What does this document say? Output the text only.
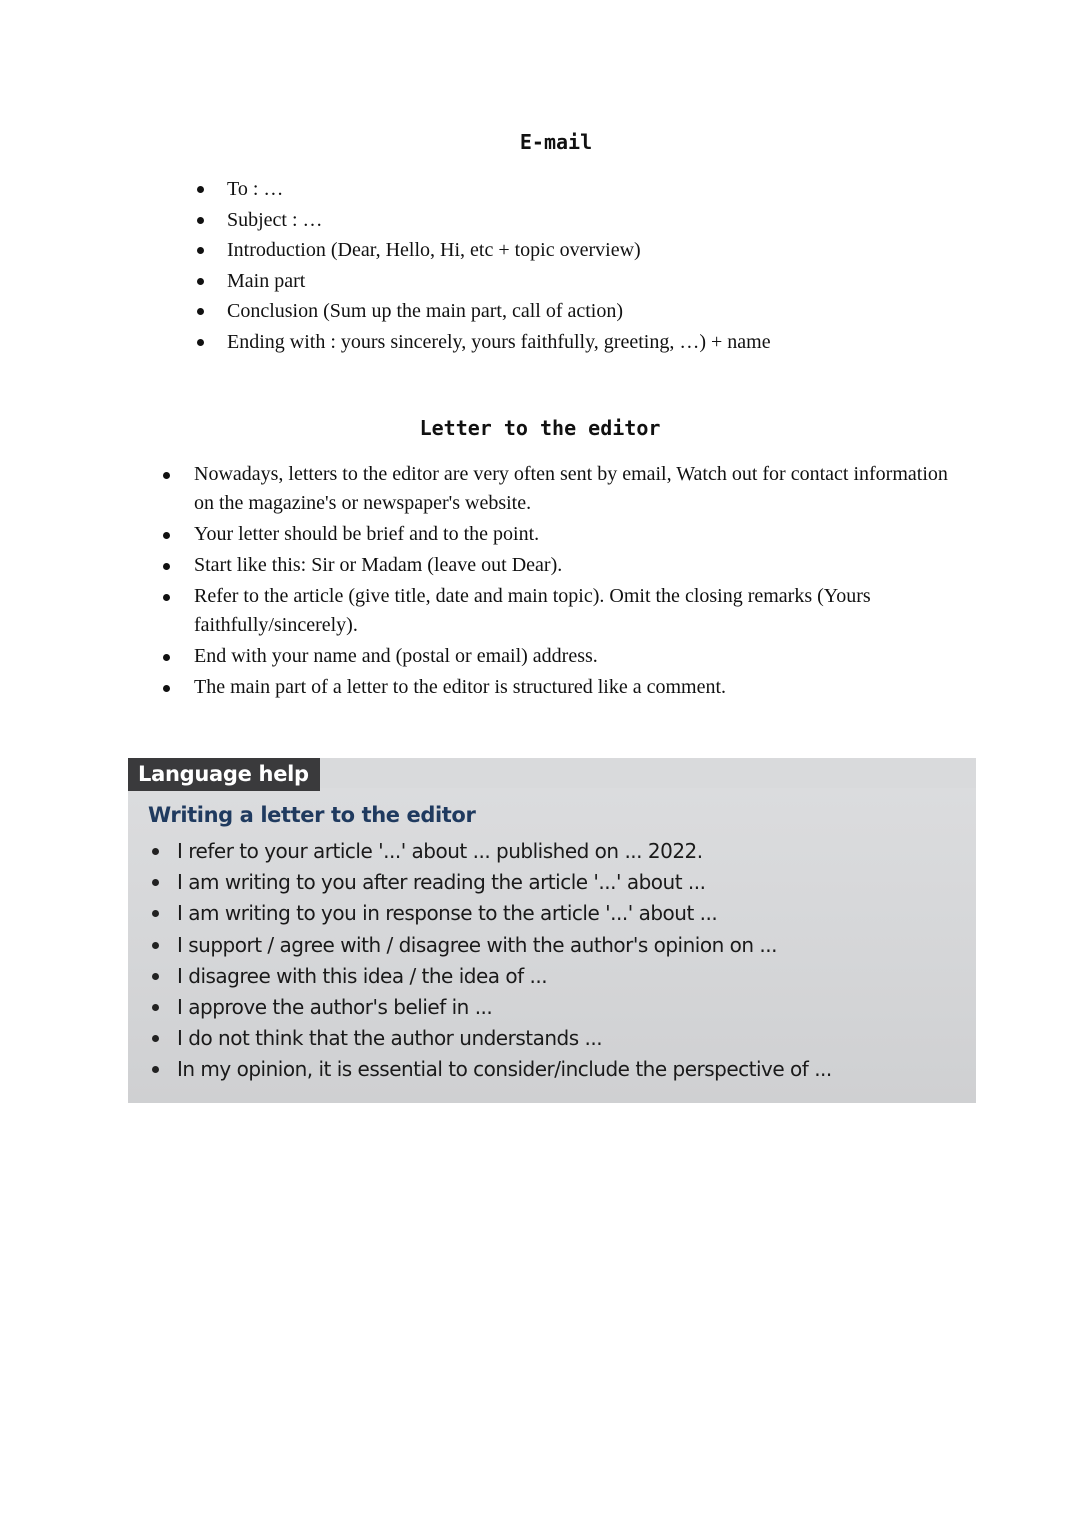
E-mail
To : …
Subject : …
Introduction (Dear, Hello, Hi, etc + topic overview)
Main part
Conclusion (Sum up the main part, call of action)
Ending with : yours sincerely, yours faithfully, greeting, …) + name
Letter to the editor
Nowadays, letters to the editor are very often sent by email, Watch out for contact information on the magazine's or newspaper's website.
Your letter should be brief and to the point.
Start like this: Sir or Madam (leave out Dear).
Refer to the article (give title, date and main topic). Omit the closing remarks (Yours faithfully/sincerely).
End with your name and (postal or email) address.
The main part of a letter to the editor is structured like a comment.
Language help
Writing a letter to the editor
I refer to your article '...' about ... published on ... 2022.
I am writing to you after reading the article '...' about ...
I am writing to you in response to the article '...' about ...
I support / agree with / disagree with the author's opinion on ...
I disagree with this idea / the idea of ...
I approve the author's belief in ...
I do not think that the author understands ...
In my opinion, it is essential to consider/include the perspective of ...
